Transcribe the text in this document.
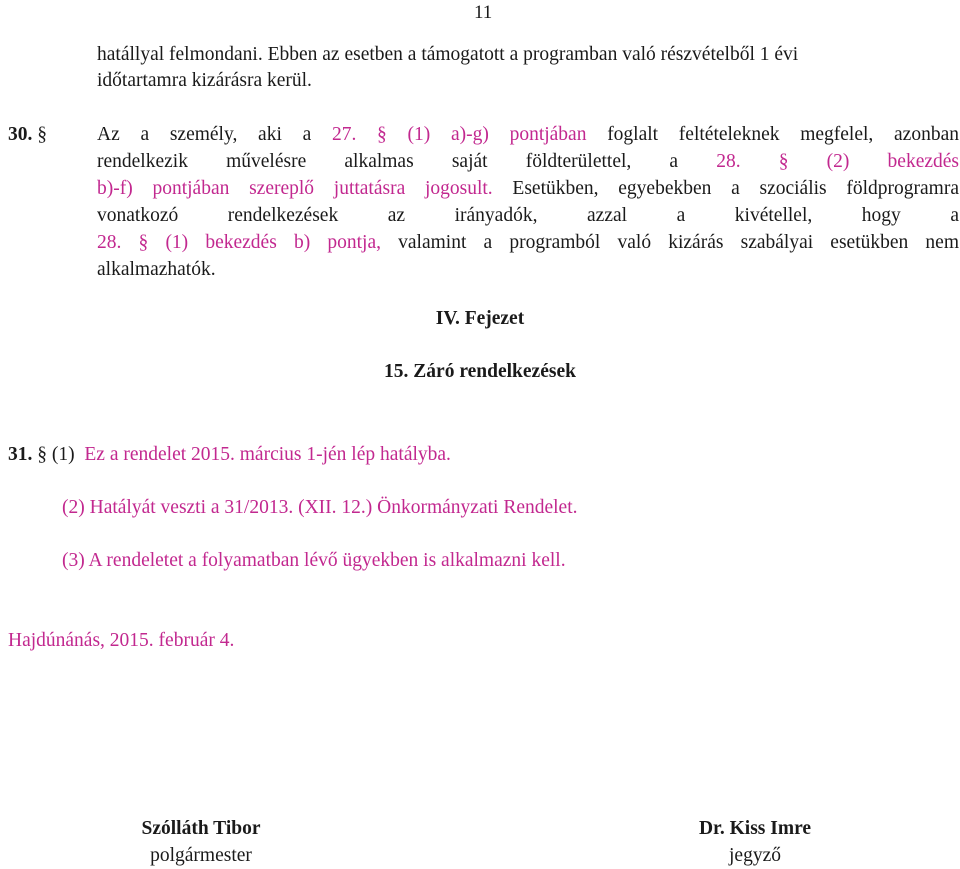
11
hatállyal felmondani. Ebben az esetben a támogatott a programban való részvételből 1 évi
időtartamra kizárásra kerül.
30. §	Az a személy, aki a 27. § (1) a)-g) pontjában foglalt feltételeknek megfelel, azonban
rendelkezik művelésre alkalmas saját földterülettel, a 28. § (2) bekezdés
b)-f) pontjában szereplő juttatásra jogosult. Esetükben, egyebekben a szociális földprogramra
vonatkozó rendelkezések az irányadók, azzal a kivétellel, hogy a
28. § (1) bekezdés b) pontja, valamint a programból való kizárás szabályai esetükben nem
alkalmazhatók.
IV. Fejezet
15. Záró rendelkezések
31. § (1) Ez a rendelet 2015. március 1-jén lép hatályba.
(2) Hatályát veszti a 31/2013. (XII. 12.) Önkormányzati Rendelet.
(3) A rendeletet a folyamatban lévő ügyekben is alkalmazni kell.
Hajdúnánás, 2015. február 4.
Szólláth Tibor
polgármester
Dr. Kiss Imre
jegyző
